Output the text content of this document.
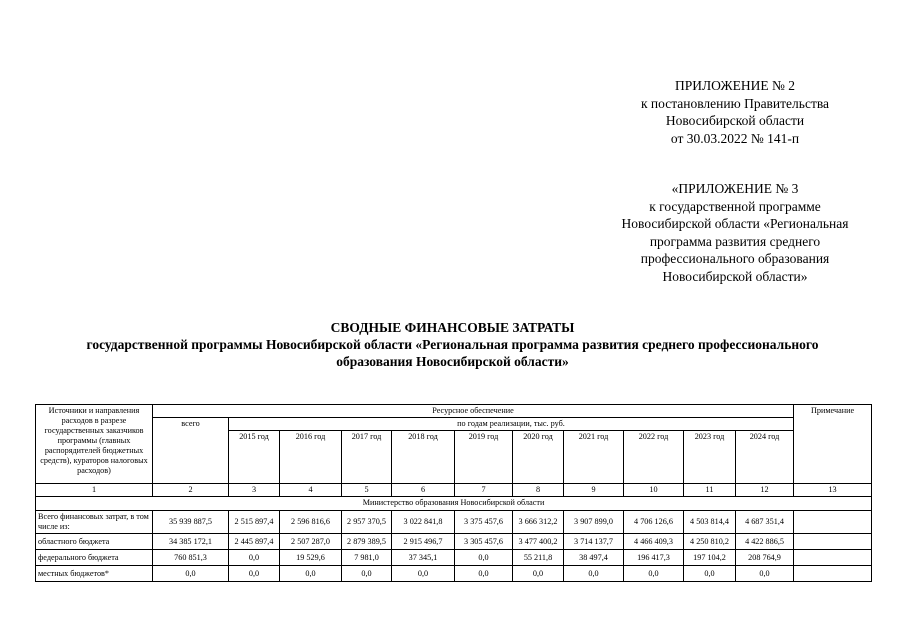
ПРИЛОЖЕНИЕ № 2
к постановлению Правительства
Новосибирской области
от 30.03.2022 № 141-п
«ПРИЛОЖЕНИЕ № 3
к государственной программе
Новосибирской области «Региональная
программа развития среднего
профессионального образования
Новосибирской области»
СВОДНЫЕ ФИНАНСОВЫЕ ЗАТРАТЫ
государственной программы Новосибирской области «Региональная программа развития среднего профессионального
образования Новосибирской области»
Источники и направления расходов в разрезе государственных заказчиков программы (главных распорядителей бюджетных средств), кураторов налоговых расходов)	Ресурсное обеспечение											Примечание
	всего	по годам реализации, тыс. руб.										
		2015 год	2016 год	2017 год	2018 год	2019 год	2020 год	2021 год	2022 год	2023 год	2024 год	
1	2	3	4	5	6	7	8	9	10	11	12	13
Министерство образования Новосибирской области												
Всего финансовых затрат, в том числе из:	35 939 887,5	2 515 897,4	2 596 816,6	2 957 370,5	3 022 841,8	3 375 457,6	3 666 312,2	3 907 899,0	4 706 126,6	4 503 814,4	4 687 351,4	
областного бюджета	34 385 172,1	2 445 897,4	2 507 287,0	2 879 389,5	2 915 496,7	3 305 457,6	3 477 400,2	3 714 137,7	4 466 409,3	4 250 810,2	4 422 886,5	
федерального бюджета	760 851,3	0,0	19 529,6	7 981,0	37 345,1	0,0	55 211,8	38 497,4	196 417,3	197 104,2	208 764,9	
местных бюджетов*	0,0	0,0	0,0	0,0	0,0	0,0	0,0	0,0	0,0	0,0	0,0	
